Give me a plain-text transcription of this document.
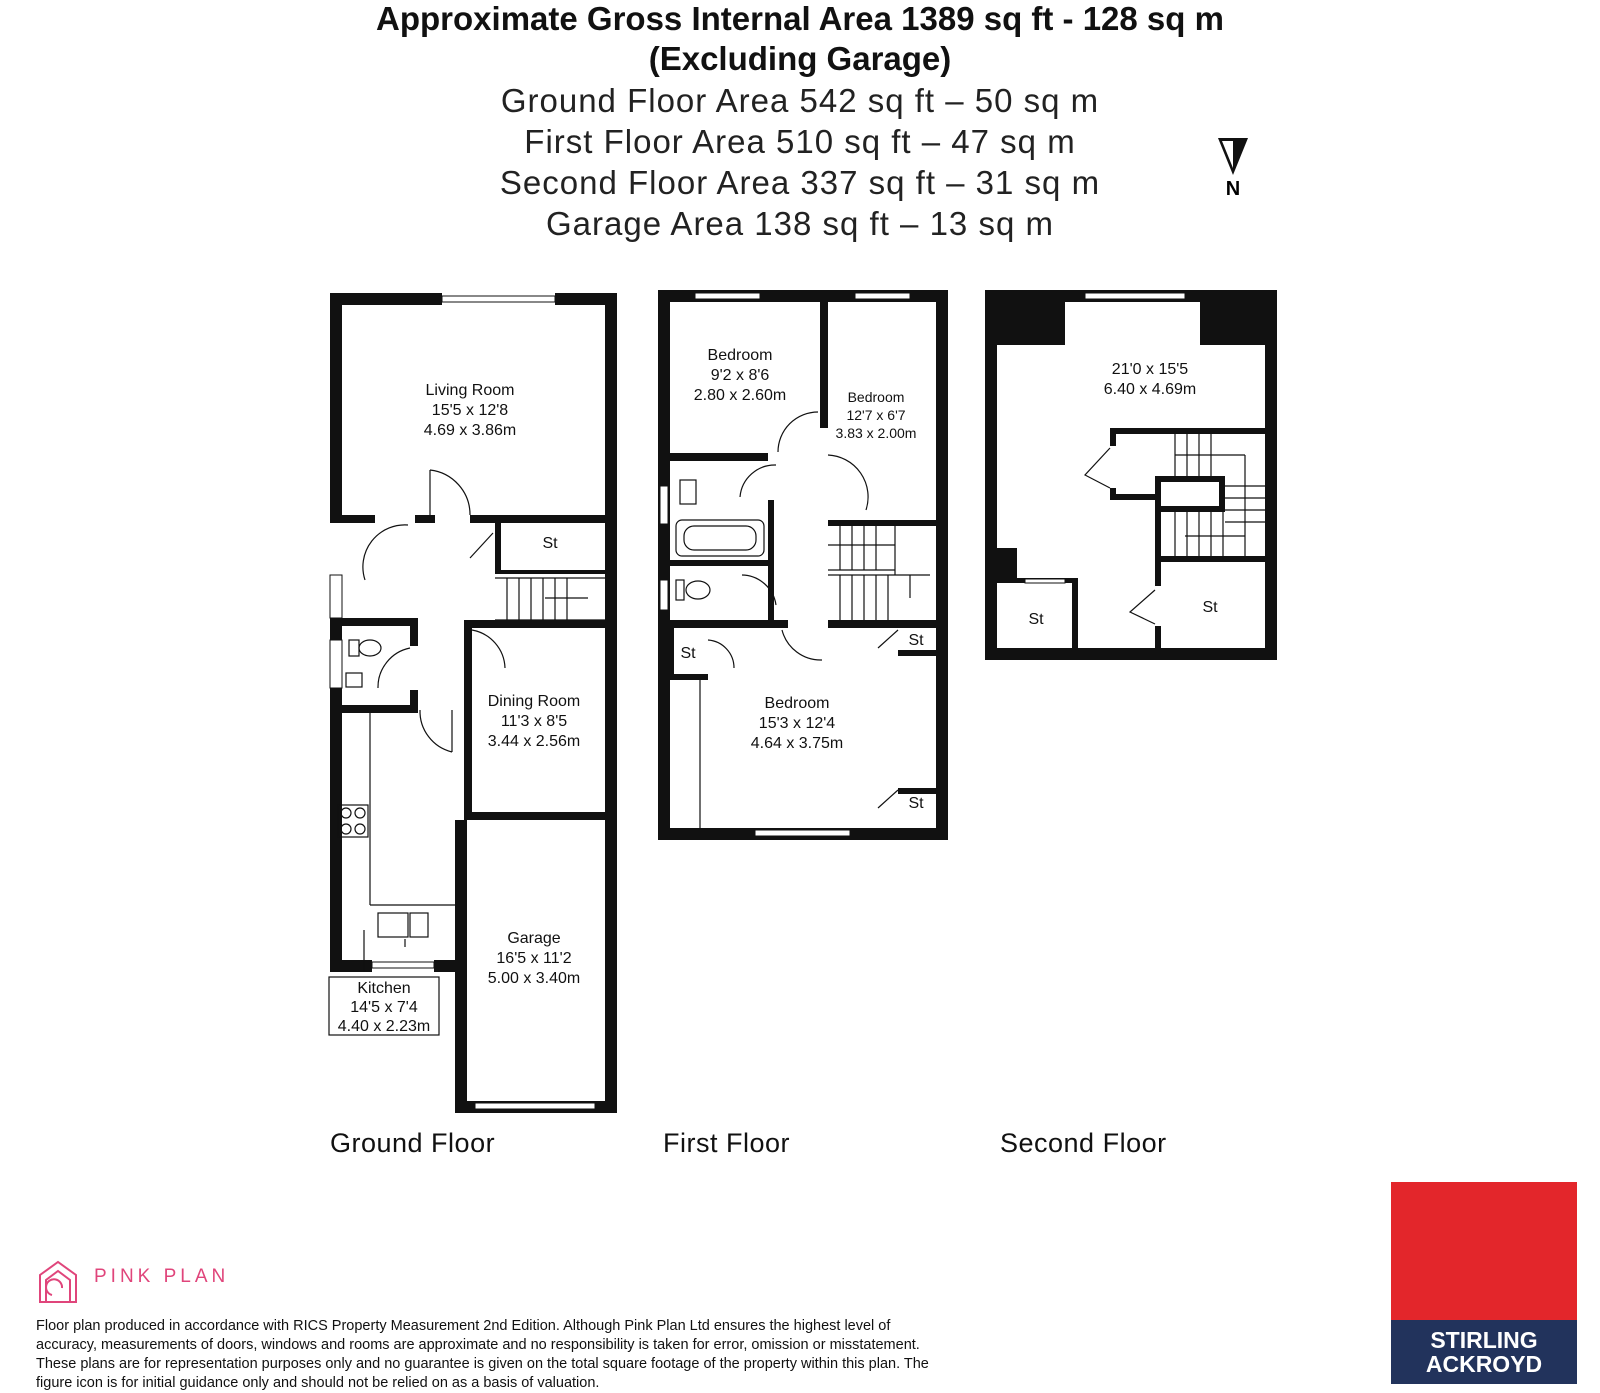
Approximate Gross Internal Area 1389 sq ft - 128 sq m
(Excluding Garage)
Ground Floor Area 542 sq ft – 50 sq m
First Floor Area 510 sq ft – 47 sq m
Second Floor Area 337 sq ft – 31 sq m
Garage Area 138 sq ft – 13 sq m
N
Living Room
15'5 x 12'8
4.69 x 3.86m
St
Dining Room
11'3 x 8'5
3.44 x 2.56m
Garage
16'5 x 11'2
5.00 x 3.40m
Kitchen
14'5 x 7'4
4.40 x 2.23m
Bedroom
9'2 x 8'6
2.80 x 2.60m	Bedroom
12'7 x 6'7
3.83 x 2.00m
Bedroom
15'3 x 12'4
4.64 x 3.75m
St
St
St
21'0 x 15'5
6.40 x 4.69m
St
St
Ground Floor	First Floor	Second Floor
PINK PLAN
Floor plan produced in accordance with RICS Property Measurement 2nd Edition. Although Pink Plan Ltd ensures the highest level of accuracy, measurements of doors, windows and rooms are approximate and no responsibility is taken for error, omission or misstatement. These plans are for representation purposes only and no guarantee is given on the total square footage of the property within this plan. The figure icon is for initial guidance only and should not be relied on as a basis of valuation.
STIRLING
ACKROYD
